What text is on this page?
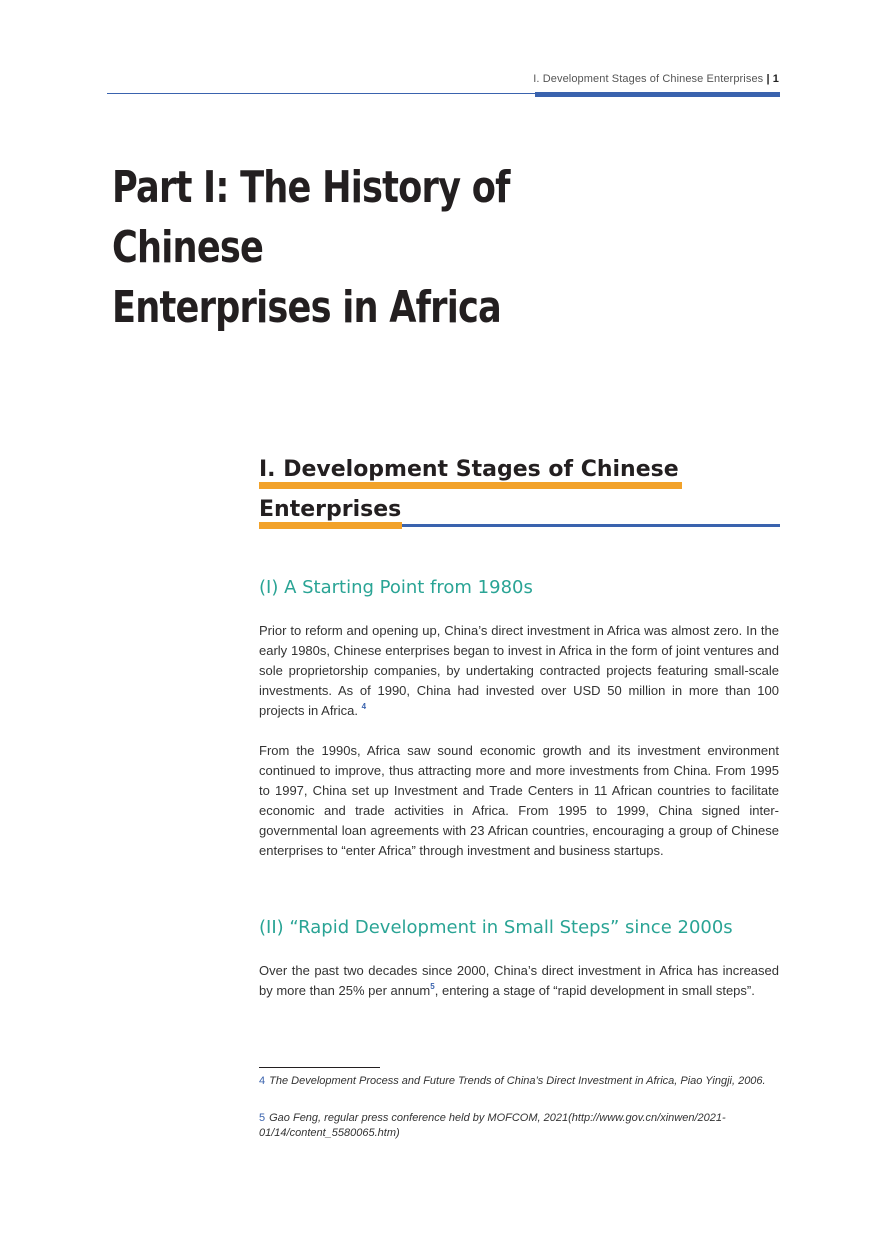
I. Development Stages of Chinese Enterprises | 1
Part I: The History of Chinese
Enterprises in Africa
I. Development Stages of Chinese
Enterprises
(I) A Starting Point from 1980s

Prior to reform and opening up, China’s direct investment in Africa was almost zero. In the early 1980s, Chinese enterprises began to invest in Africa in the form of joint ventures and sole proprietorship companies, by undertaking contracted projects featuring small-scale investments. As of 1990, China had invested over USD 50 million in more than 100 projects in Africa. $^4$

From the 1990s, Africa saw sound economic growth and its investment environment continued to improve, thus attracting more and more investments from China. From 1995 to 1997, China set up Investment and Trade Centers in 11 African countries to facilitate economic and trade activities in Africa. From 1995 to 1999, China signed inter-governmental loan agreements with 23 African countries, encouraging a group of Chinese enterprises to “enter Africa” through investment and business startups.

(II) “Rapid Development in Small Steps” since 2000s

Over the past two decades since 2000, China’s direct investment in Africa has increased by more than 25% per annum$^5$, entering a stage of “rapid development in small steps”.

4 The Development Process and Future Trends of China’s Direct Investment in Africa, Piao Yingji, 2006.

5 Gao Feng, regular press conference held by MOFCOM, 2021(http://www.gov.cn/xinwen/2021-01/14/content_5580065.htm)
